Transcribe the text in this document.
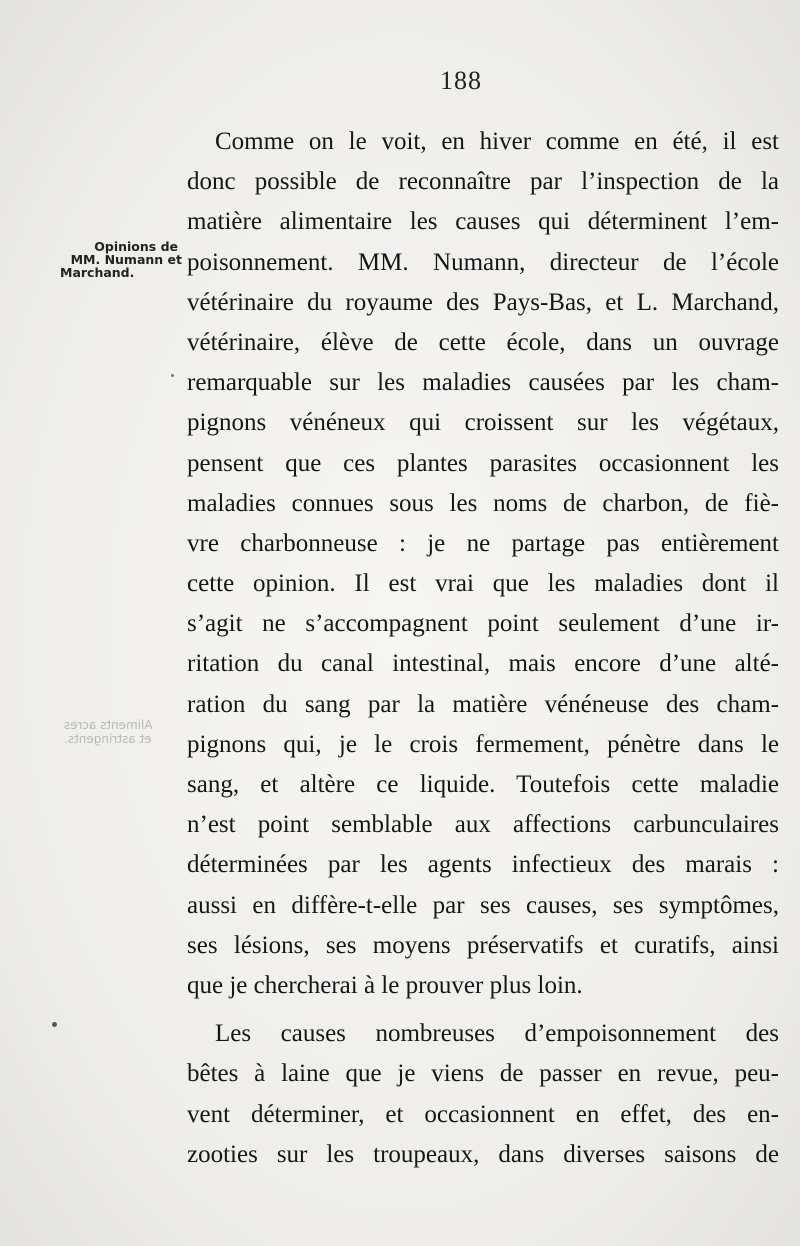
188
Opinions de
MM. Numann et
Marchand.
Aliments acres
et astringents.
Comme on le voit, en hiver comme en été, il est
donc possible de reconnaître par l’inspection de la
matière alimentaire les causes qui déterminent l’em-
poisonnement. MM. Numann, directeur de l’école
vétérinaire du royaume des Pays-Bas, et L. Marchand,
vétérinaire, élève de cette école, dans un ouvrage
remarquable sur les maladies causées par les cham-
pignons vénéneux qui croissent sur les végétaux,
pensent que ces plantes parasites occasionnent les
maladies connues sous les noms de charbon, de fiè-
vre charbonneuse : je ne partage pas entièrement
cette opinion. Il est vrai que les maladies dont il
s’agit ne s’accompagnent point seulement d’une ir-
ritation du canal intestinal, mais encore d’une alté-
ration du sang par la matière vénéneuse des cham-
pignons qui, je le crois fermement, pénètre dans le
sang, et altère ce liquide. Toutefois cette maladie
n’est point semblable aux affections carbunculaires
déterminées par les agents infectieux des marais :
aussi en diffère-t-elle par ses causes, ses symptômes,
ses lésions, ses moyens préservatifs et curatifs, ainsi
que je chercherai à le prouver plus loin.
Les causes nombreuses d’empoisonnement des
bêtes à laine que je viens de passer en revue, peu-
vent déterminer, et occasionnent en effet, des en-
zooties sur les troupeaux, dans diverses saisons de
